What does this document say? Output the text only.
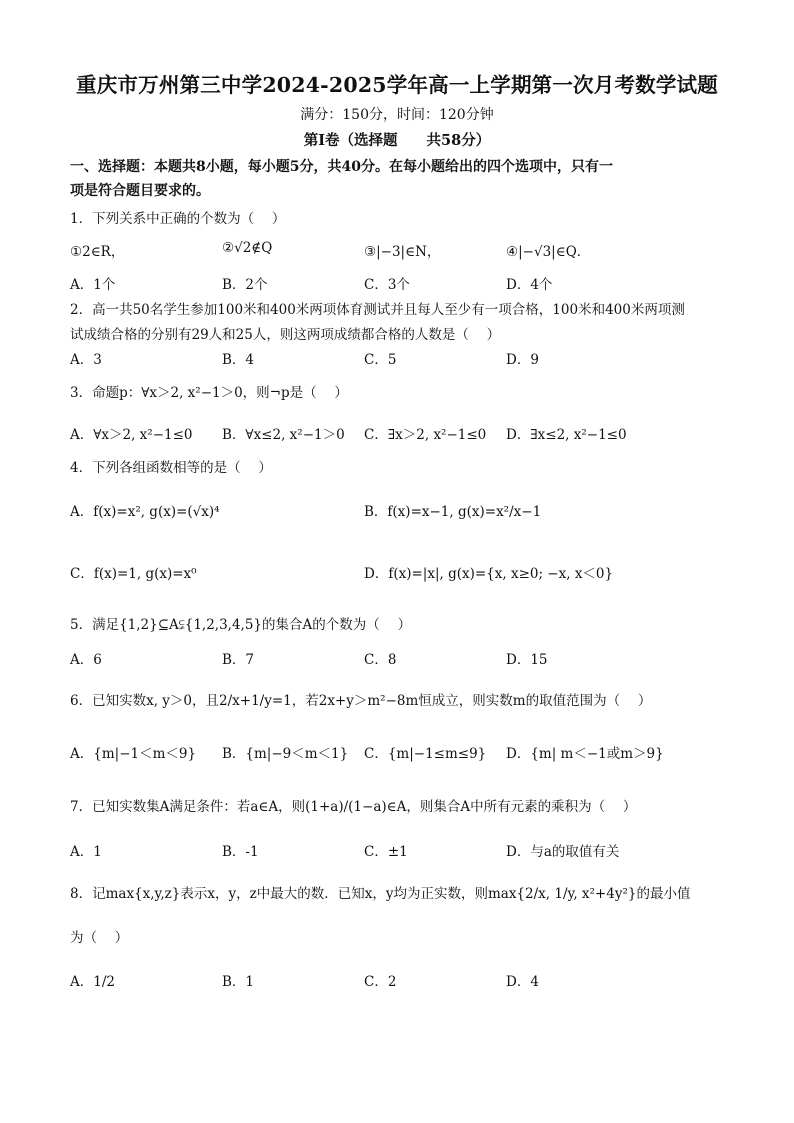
重庆市万州第三中学2024-2025学年高一上学期第一次月考数学试题
满分：150分，时间：120分钟
第I卷（选择题　　共58分）
一、选择题：本题共8小题，每小题5分，共40分。在每小题给出的四个选项中，只有一
项是符合题目要求的。
1．下列关系中正确的个数为（　 ）
①2∈R，	②√2∉Q	③|−3|∈N，	④|−√3|∈Q．
A．1个	B．2个	C．3个	D．4个
2．高一共50名学生参加100米和400米两项体育测试并且每人至少有一项合格，100米和400米两项测
试成绩合格的分别有29人和25人，则这两项成绩都合格的人数是（　 ）
A．3	B．4	C．5	D．9
3．命题p：∀x＞2, x²−1＞0，则¬p是（　 ）
A．∀x＞2, x²−1≤0 B．∀x≤2, x²−1＞0 C．∃x＞2, x²−1≤0 D．∃x≤2, x²−1≤0
4．下列各组函数相等的是（　 ）
A．f(x)=x², g(x)=(√x)⁴	B．f(x)=x−1, g(x)=x²/x−1
C．f(x)=1, g(x)=x⁰	D．f(x)=|x|, g(x)={x, x≥0; −x, x＜0}
5．满足{1,2}⊆A⫋{1,2,3,4,5}的集合A的个数为（　 ）
A．6	B．7	C．8	D．15
6．已知实数x, y＞0，且2/x+1/y=1，若2x+y＞m²−8m恒成立，则实数m的取值范围为（　 ）
A．{m|−1＜m＜9} B．{m|−9＜m＜1} C．{m|−1≤m≤9} D．{m| m＜−1或m＞9}
7．已知实数集A满足条件：若a∈A，则(1+a)/(1−a)∈A，则集合A中所有元素的乘积为（　 ）
A．1	B．-1	C．±1	D．与a的取值有关
8．记max{x,y,z}表示x，y，z中最大的数．已知x，y均为正实数，则max{2/x, 1/y, x²+4y²}的最小值
为（　 ）
A．1/2	B．1	C．2	D．4
